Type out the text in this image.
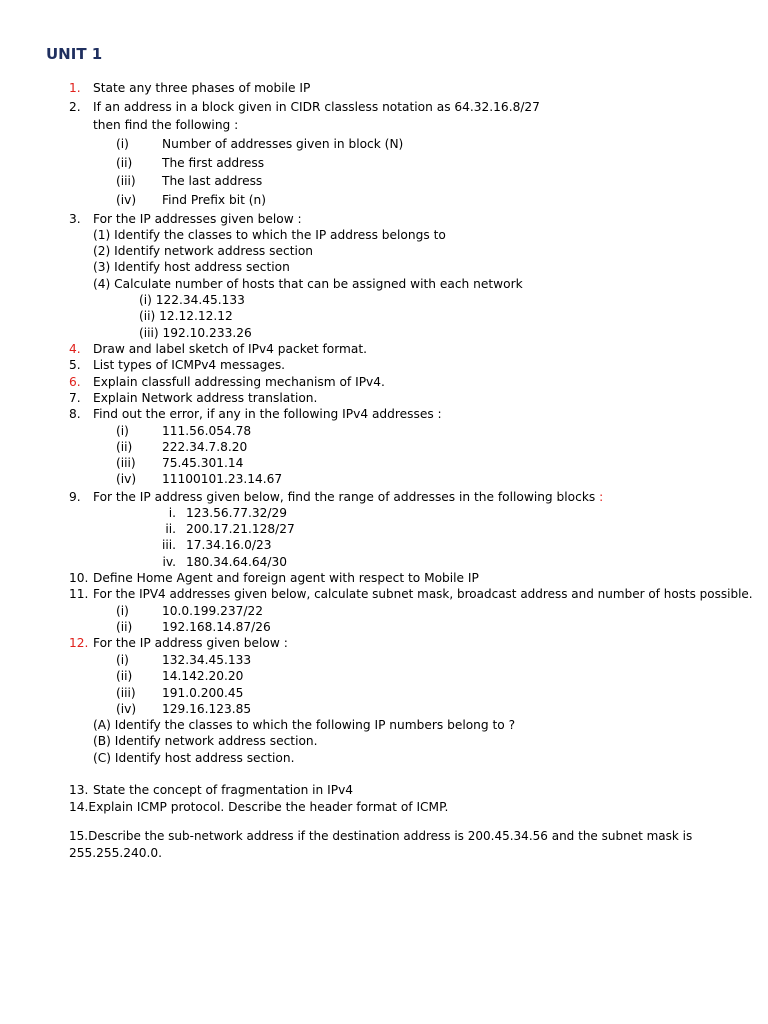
UNIT 1
1. State any three phases of mobile IP
2. If an address in a block given in CIDR classless notation as 64.32.16.8/27
then find the following :
(i)	Number of addresses given in block (N)
(ii) The first address
(iii) The last address
(iv) Find Prefix bit (n)
3. For the IP addresses given below :
(1) Identify the classes to which the IP address belongs to
(2) Identify network address section
(3) Identify host address section
(4) Calculate number of hosts that can be assigned with each network
(i) 122.34.45.133
(ii) 12.12.12.12
(iii) 192.10.233.26
4. Draw and label sketch of IPv4 packet format.
5. List types of ICMPv4 messages.
6. Explain classfull addressing mechanism of IPv4.
7. Explain Network address translation.
8. Find out the error, if any in the following IPv4 addresses :
(i)	111.56.054.78
(ii) 222.34.7.8.20
(iii) 75.45.301.14
(iv) 11100101.23.14.67
9. For the IP address given below, find the range of addresses in the following blocks :
i. 123.56.77.32/29
ii. 200.17.21.128/27
iii. 17.34.16.0/23
iv. 180.34.64.64/30
10. Define Home Agent and foreign agent with respect to Mobile IP
11. For the IPV4 addresses given below, calculate subnet mask, broadcast address and number of hosts possible.
(i)	10.0.199.237/22
(ii) 192.168.14.87/26
12. For the IP address given below :
(i)	132.34.45.133
(ii) 14.142.20.20
(iii) 191.0.200.45
(iv) 129.16.123.85
(A) Identify the classes to which the following IP numbers belong to ?
(B) Identify network address section.
(C) Identify host address section.
13. State the concept of fragmentation in IPv4
14.Explain ICMP protocol. Describe the header format of ICMP.
15.Describe the sub-network address if the destination address is 200.45.34.56 and the subnet mask is
255.255.240.0.
